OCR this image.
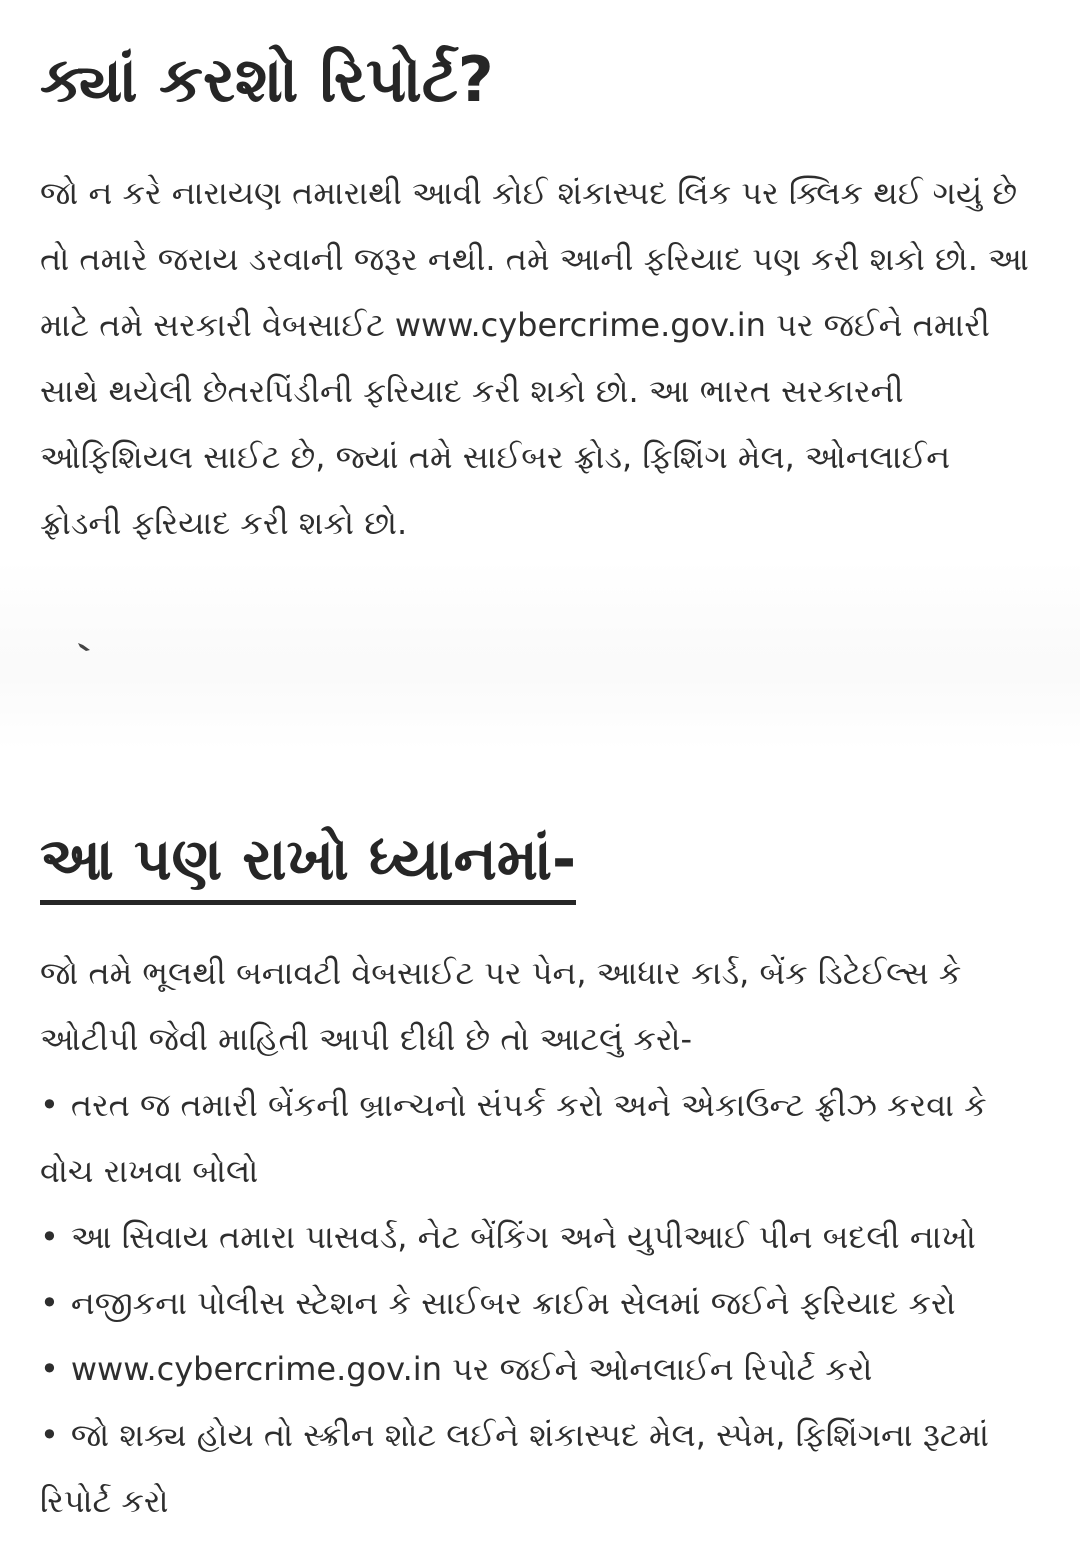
ક્યાં કરશો રિપોર્ટ?

જો ન કરે નારાયણ તમારાથી આવી કોઈ શંકાસ્પદ લિંક પર ક્લિક થઈ ગયું છે તો તમારે જરાય ડરવાની જરૂર નથી. તમે આની ફરિયાદ પણ કરી શકો છો. આ માટે તમે સરકારી વેબસાઈટ www.cybercrime.gov.in પર જઈને તમારી સાથે થયેલી છેતરપિંડીની ફરિયાદ કરી શકો છો. આ ભારત સરકારની ઓફિશિયલ સાઈટ છે, જ્યાં તમે સાઈબર ફ્રોડ, ફિશિંગ મેલ, ઓનલાઈન ફ્રોડની ફરિયાદ કરી શકો છો.

આ પણ રાખો ધ્યાનમાં-

જો તમે ભૂલથી બનાવટી વેબસાઈટ પર પેન, આધાર કાર્ડ, બેંક ડિટેઈલ્સ કે ઓટીપી જેવી માહિતી આપી દીધી છે તો આટલું કરો-

• તરત જ તમારી બેંકની બ્રાન્ચનો સંપર્ક કરો અને એકાઉન્ટ ફ્રીઝ કરવા કે વોચ રાખવા બોલો
• આ સિવાય તમારા પાસવર્ડ, નેટ બેંકિંગ અને યુપીઆઈ પીન બદલી નાખો
• નજીકના પોલીસ સ્ટેશન કે સાઈબર ક્રાઈમ સેલમાં જઈને ફરિયાદ કરો
• www.cybercrime.gov.in પર જઈને ઓનલાઈન રિપોર્ટ કરો
• જો શક્ય હોય તો સ્ક્રીન શોટ લઈને શંકાસ્પદ મેલ, સ્પેમ, ફિશિંગના રૂટમાં રિપોર્ટ કરો
